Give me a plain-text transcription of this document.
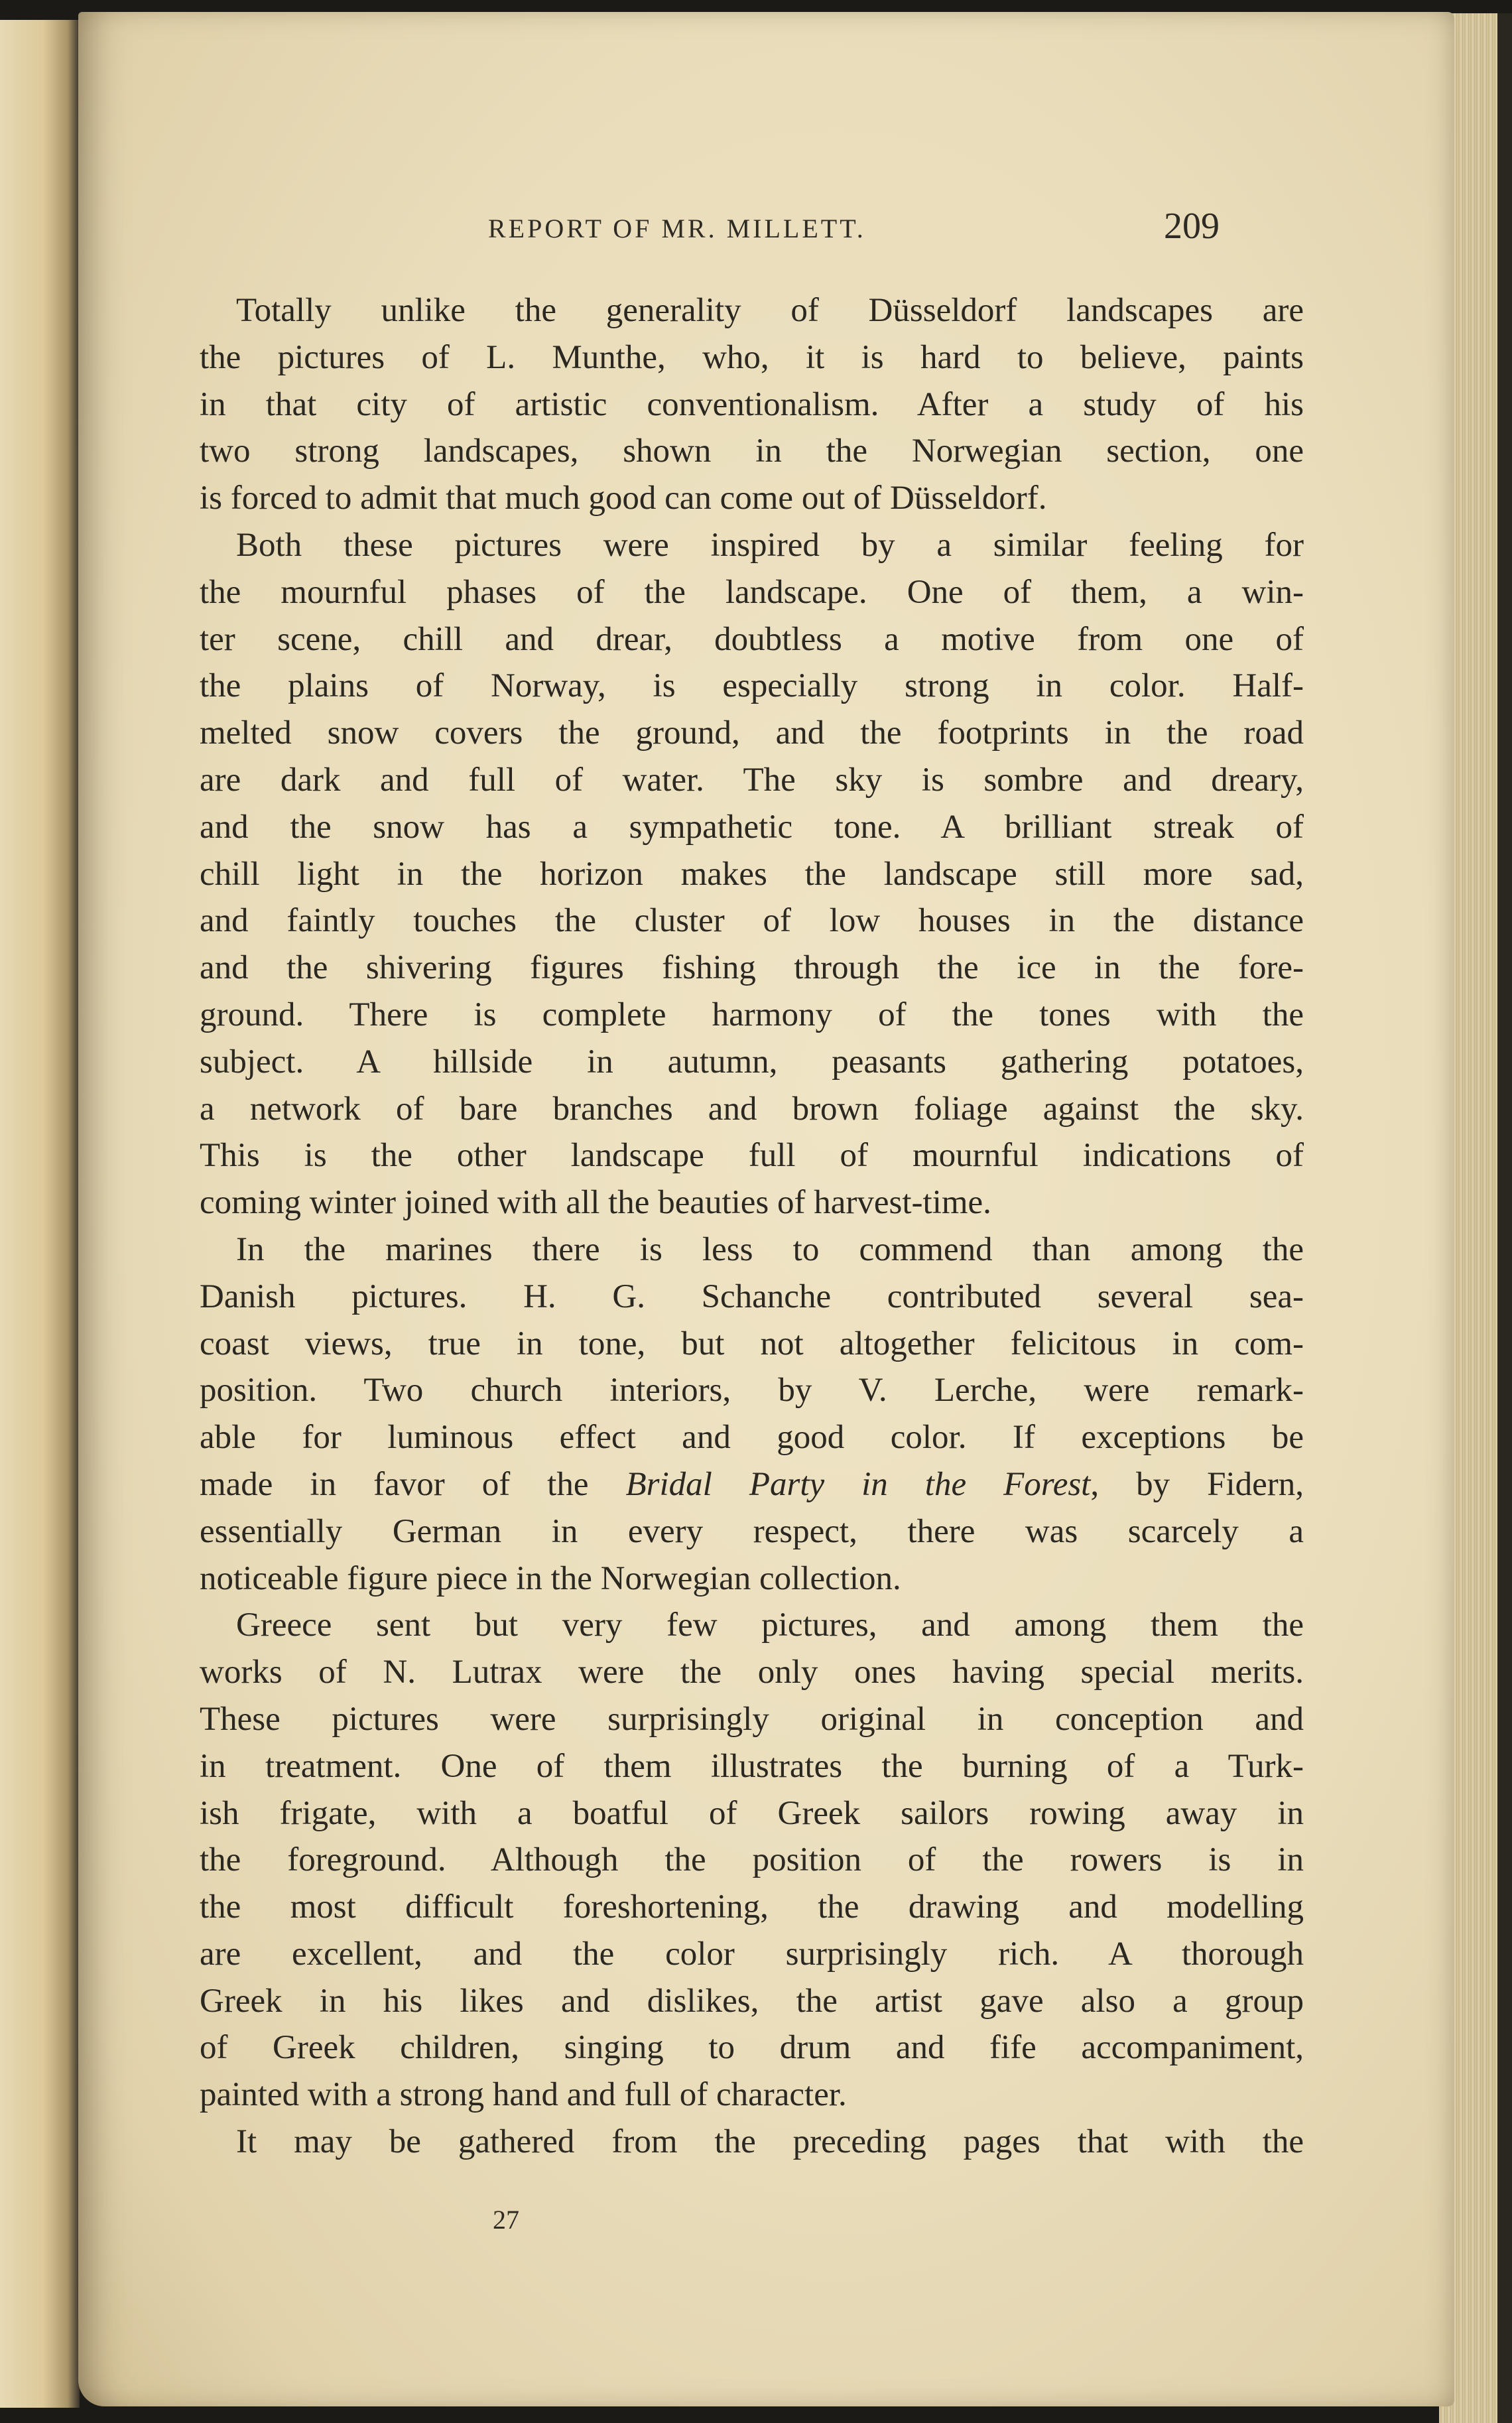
REPORT OF MR. MILLETT.	209

Totally unlike the generality of Düsseldorf landscapes are
the pictures of L. Munthe, who, it is hard to believe, paints
in that city of artistic conventionalism. After a study of his
two strong landscapes, shown in the Norwegian section, one
is forced to admit that much good can come out of Düsseldorf.

Both these pictures were inspired by a similar feeling for
the mournful phases of the landscape. One of them, a win-
ter scene, chill and drear, doubtless a motive from one of
the plains of Norway, is especially strong in color. Half-
melted snow covers the ground, and the footprints in the road
are dark and full of water. The sky is sombre and dreary,
and the snow has a sympathetic tone. A brilliant streak of
chill light in the horizon makes the landscape still more sad,
and faintly touches the cluster of low houses in the distance
and the shivering figures fishing through the ice in the fore-
ground. There is complete harmony of the tones with the
subject. A hillside in autumn, peasants gathering potatoes,
a network of bare branches and brown foliage against the sky.
This is the other landscape full of mournful indications of
coming winter joined with all the beauties of harvest-time.

In the marines there is less to commend than among the
Danish pictures. H. G. Schanche contributed several sea-
coast views, true in tone, but not altogether felicitous in com-
position. Two church interiors, by V. Lerche, were remark-
able for luminous effect and good color. If exceptions be
made in favor of the Bridal Party in the Forest, by Fidern,
essentially German in every respect, there was scarcely a
noticeable figure piece in the Norwegian collection.

Greece sent but very few pictures, and among them the
works of N. Lutrax were the only ones having special merits.
These pictures were surprisingly original in conception and
in treatment. One of them illustrates the burning of a Turk-
ish frigate, with a boatful of Greek sailors rowing away in
the foreground. Although the position of the rowers is in
the most difficult foreshortening, the drawing and modelling
are excellent, and the color surprisingly rich. A thorough
Greek in his likes and dislikes, the artist gave also a group
of Greek children, singing to drum and fife accompaniment,
painted with a strong hand and full of character.

It may be gathered from the preceding pages that with the

27
